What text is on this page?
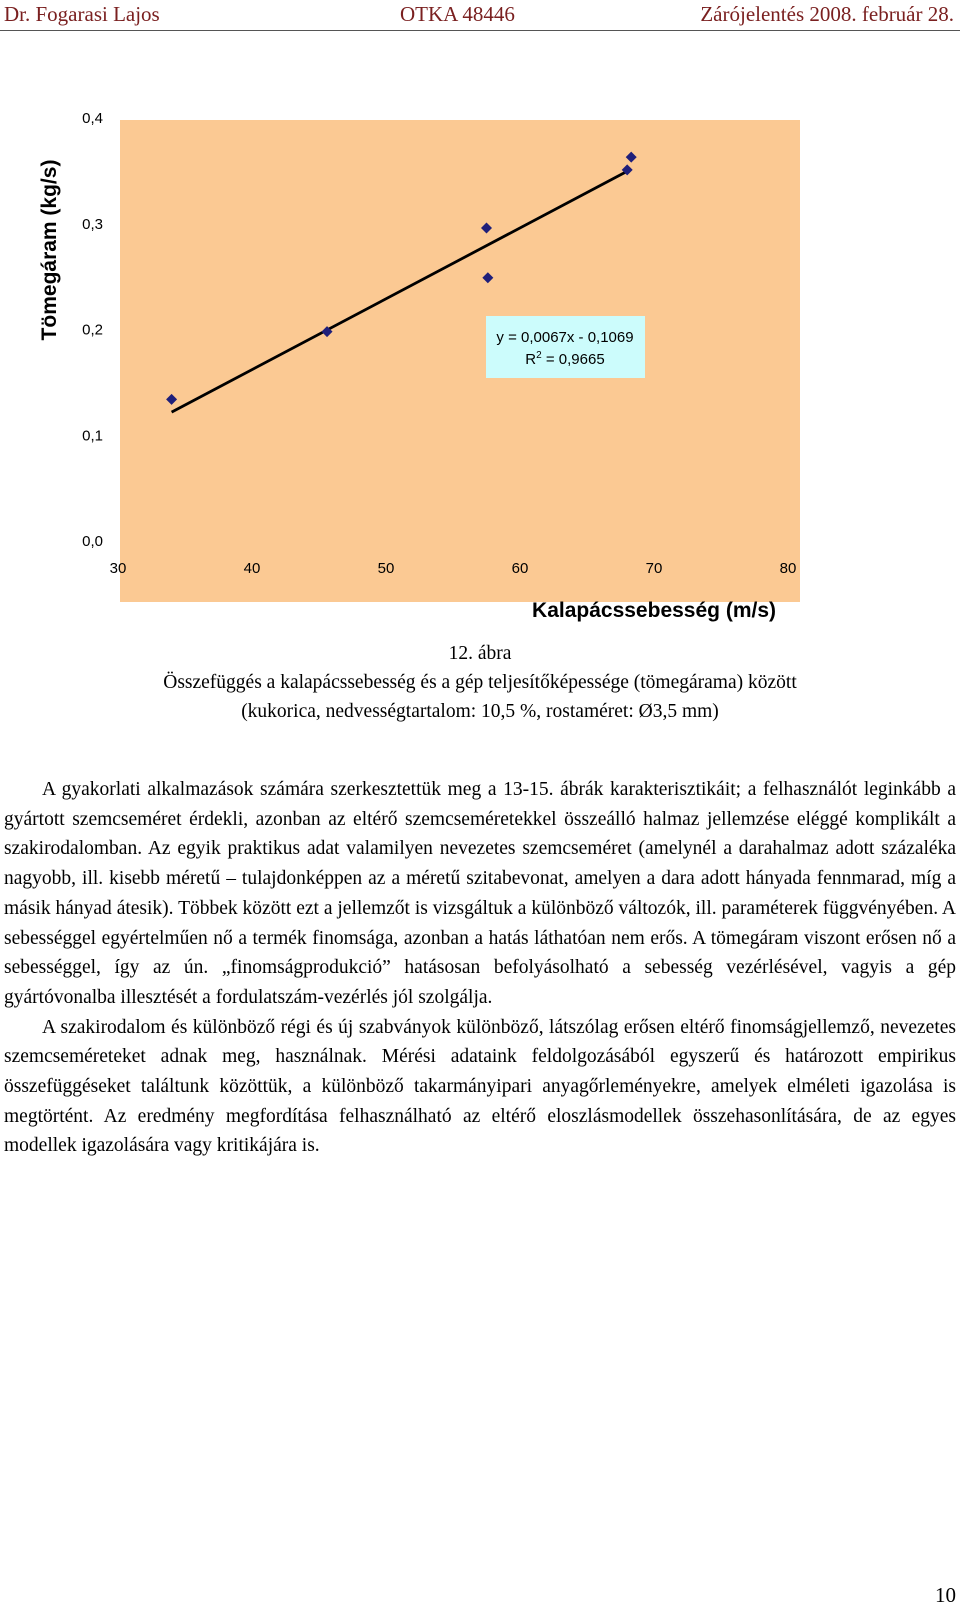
Dr. Fogarasi Lajos	OTKA 48446	Zárójelentés 2008. február 28.
0,0
0,1
0,2
0,3
0,4
30	40	50	60	70	80
Tömegáram (kg/s)
Kalapácssebesség (m/s)
y = 0,0067x - 0,1069
$R^2 = 0,9665$
12. ábra
Összefüggés a kalapácssebesség és a gép teljesítőképessége (tömegárama) között
(kukorica, nedvességtartalom: 10,5 %, rostaméret: Ø3,5 mm)

A gyakorlati alkalmazások számára szerkesztettük meg a 13-15. ábrák karakterisztikáit; a felhasználót leginkább a gyártott szemcseméret érdekli, azonban az eltérő szemcseméretekkel összeálló halmaz jellemzése eléggé komplikált a szakirodalomban. Az egyik praktikus adat valamilyen nevezetes szemcseméret (amelynél a darahalmaz adott százaléka nagyobb, ill. kisebb méretű – tulajdonképpen az a méretű szitabevonat, amelyen a dara adott hányada fennmarad, míg a másik hányad átesik). Többek között ezt a jellemzőt is vizsgáltuk a különböző változók, ill. paraméterek függvényében. A sebességgel egyértelműen nő a termék finomsága, azonban a hatás láthatóan nem erős. A tömegáram viszont erősen nő a sebességgel, így az ún. „finomságprodukció” hatásosan befolyásolható a sebesség vezérlésével, vagyis a gép gyártóvonalba illesztését a fordulatszám-vezérlés jól szolgálja.

A szakirodalom és különböző régi és új szabványok különböző, látszólag erősen eltérő finomságjellemző, nevezetes szemcseméreteket adnak meg, használnak. Mérési adataink feldolgozásából egyszerű és határozott empirikus összefüggéseket találtunk közöttük, a különböző takarmányipari anyagőrleményekre, amelyek elméleti igazolása is megtörtént. Az eredmény megfordítása felhasználható az eltérő eloszlásmodellek összehasonlítására, de az egyes modellek igazolására vagy kritikájára is.

10
